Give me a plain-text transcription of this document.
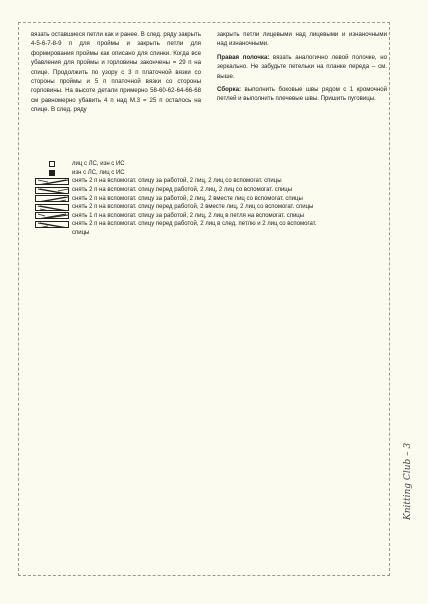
вязать оставшиеся петли как и ранее. В след. ряду закрыть 4-5-6-7-8-9 п для проймы и закрыть петли для формирования проймы как описано для спинки. Когда все убавления для проймы и горловины закончены = 29 п на спице. Продолжить по узору с 3 п платочной вязки со стороны проймы и 5 п платочной вязки со стороны горловины. На высоте детали примерно 58-60-62-64-66-68 см равномерно убавить 4 п над М.3 = 25 п осталось на спице. В след. ряду

закрыть петли лицевыми над лицевыми и изнаночными над изнаночными.

Правая полочка: вязать аналогично левой полочке, но зеркально. Не забудьте петельки на планке переда – см. выше.

Сборка: выполнить боковые швы рядом с 1 кромочной петлей и выполнить плечевые швы. Пришить пуговицы.

лиц с ЛС, изн с ИС
изн с ЛС, лиц с ИС
снять 2 п на вспомогат. спицу за работой, 2 лиц, 2 лиц со вспомогат. спицы
снять 2 п на вспомогат. спицу перед работой, 2 лиц, 2 лиц со вспомогат. спицы
снять 2 п на вспомогат. спицу за работой, 2 лиц, 2 вместе лиц со вспомогат. спицы
снять 2 п на вспомогат. спицу перед работой, 2 вместе лиц, 2 лиц со вспомогат. спицы
снять 1 п на вспомогат. спицу за работой, 2 лиц, 2 лиц в петля на вспомогат. спицы
снять 2 п на вспомогат. спицу перед работой, 2 лиц в след. петлю и 2 лиц со вспомогат.
спицы
Knitting Club – 3
